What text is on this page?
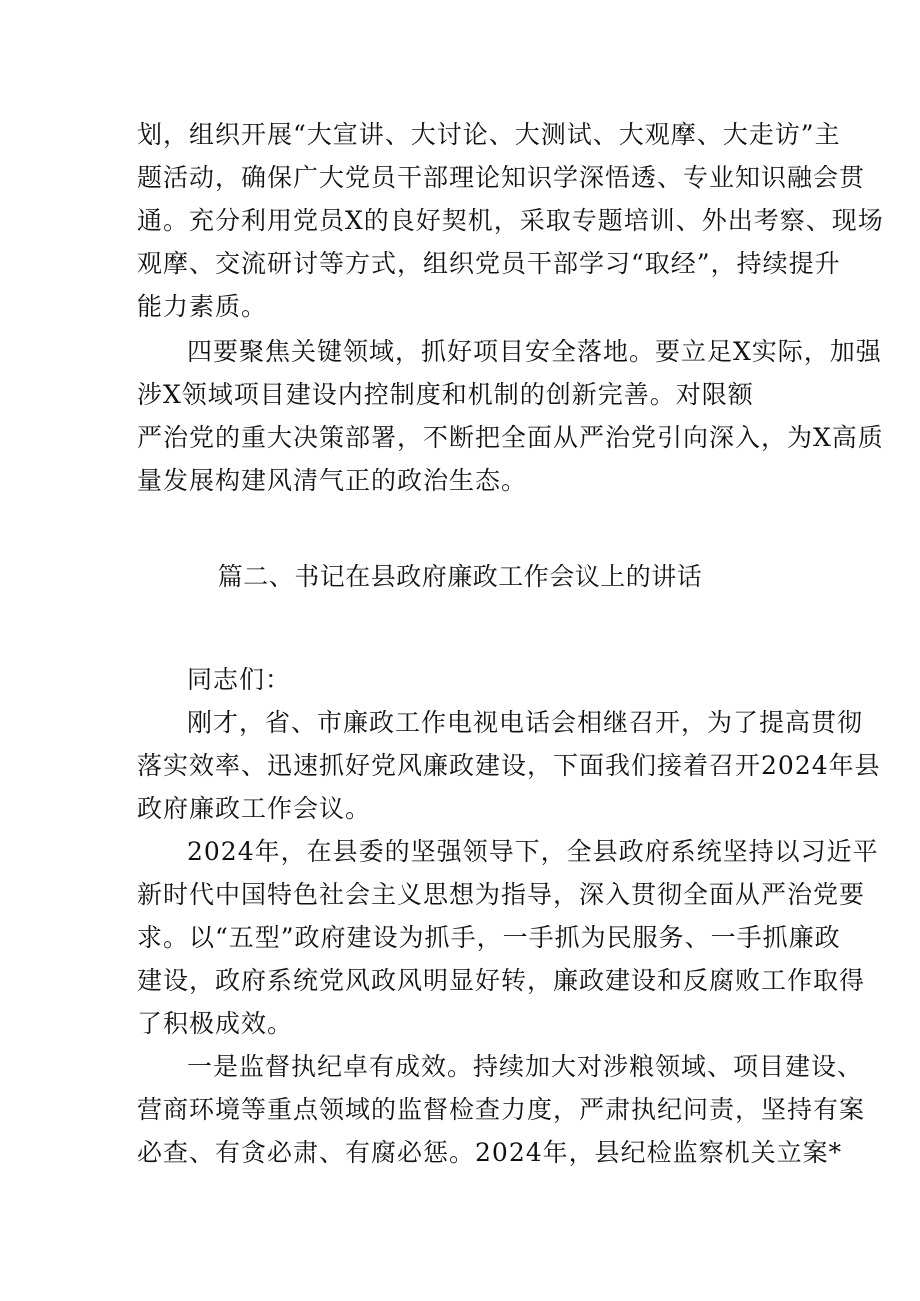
划，组织开展“大宣讲、大讨论、大测试、大观摩、大走访”主
题活动，确保广大党员干部理论知识学深悟透、专业知识融会贯
通。充分利用党员X的良好契机，采取专题培训、外出考察、现场
观摩、交流研讨等方式，组织党员干部学习“取经”，持续提升
能力素质。
四要聚焦关键领域，抓好项目安全落地。要立足X实际，加强
涉X领域项目建设内控制度和机制的创新完善。对限额
严治党的重大决策部署，不断把全面从严治党引向深入，为X高质
量发展构建风清气正的政治生态。
篇二、书记在县政府廉政工作会议上的讲话
同志们：
刚才，省、市廉政工作电视电话会相继召开，为了提高贯彻
落实效率、迅速抓好党风廉政建设，下面我们接着召开2024年县
政府廉政工作会议。
2024年，在县委的坚强领导下，全县政府系统坚持以习近平
新时代中国特色社会主义思想为指导，深入贯彻全面从严治党要
求。以“五型”政府建设为抓手，一手抓为民服务、一手抓廉政
建设，政府系统党风政风明显好转，廉政建设和反腐败工作取得
了积极成效。
一是监督执纪卓有成效。持续加大对涉粮领域、项目建设、
营商环境等重点领域的监督检查力度，严肃执纪问责，坚持有案
必查、有贪必肃、有腐必惩。2024年，县纪检监察机关立案*
